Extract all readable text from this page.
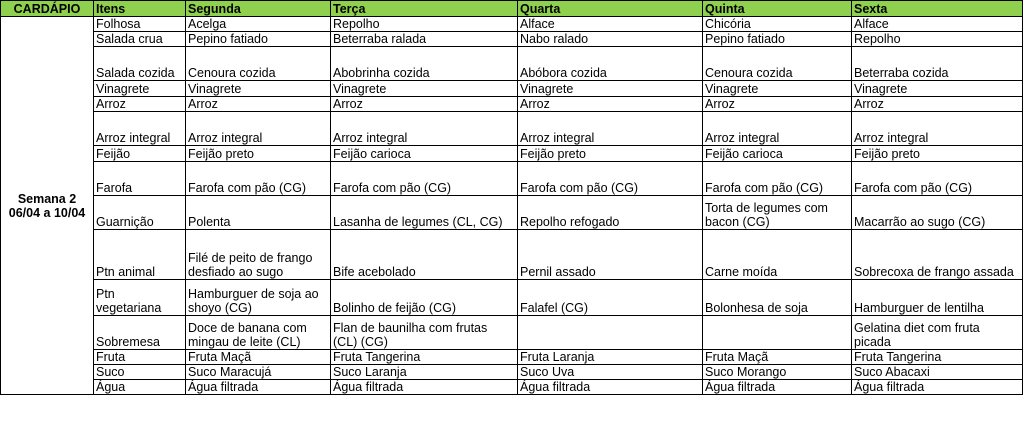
CARDÁPIO	Itens	Segunda	Terça	Quarta	Quinta	Sexta

Semana 2
06/04 a 10/04	Folhosa	Acelga	Repolho	Alface	Chicória	Alface
	Salada crua	Pepino fatiado	Beterraba ralada	Nabo ralado	Pepino fatiado	Repolho
	Salada cozida	Cenoura cozida	Abobrinha cozida	Abóbora cozida	Cenoura cozida	Beterraba cozida
	Vinagrete	Vinagrete	Vinagrete	Vinagrete	Vinagrete	Vinagrete
	Arroz	Arroz	Arroz	Arroz	Arroz	Arroz
	Arroz integral	Arroz integral	Arroz integral	Arroz integral	Arroz integral	Arroz integral
	Feijão	Feijão preto	Feijão carioca	Feijão preto	Feijão carioca	Feijão preto
	Farofa	Farofa com pão (CG)	Farofa com pão (CG)	Farofa com pão (CG)	Farofa com pão (CG)	Farofa com pão (CG)
	Guarnição	Polenta	Lasanha de legumes (CL, CG)	Repolho refogado	Torta de legumes com bacon (CG)	Macarrão ao sugo (CG)
	Ptn animal	Filé de peito de frango desfiado ao sugo	Bife acebolado	Pernil assado	Carne moída	Sobrecoxa de frango assada
	Ptn vegetariana	Hamburguer de soja ao shoyo (CG)	Bolinho de feijão (CG)	Falafel (CG)	Bolonhesa de soja	Hamburguer de lentilha
	Sobremesa	Doce de banana com mingau de leite (CL)	Flan de baunilha com frutas (CL) (CG)			Gelatina diet com fruta picada
	Fruta	Fruta Maçã	Fruta Tangerina	Fruta Laranja	Fruta Maçã	Fruta Tangerina
	Suco	Suco Maracujá	Suco Laranja	Suco Uva	Suco Morango	Suco Abacaxi
	Água	Água filtrada	Água filtrada	Água filtrada	Água filtrada	Água filtrada
